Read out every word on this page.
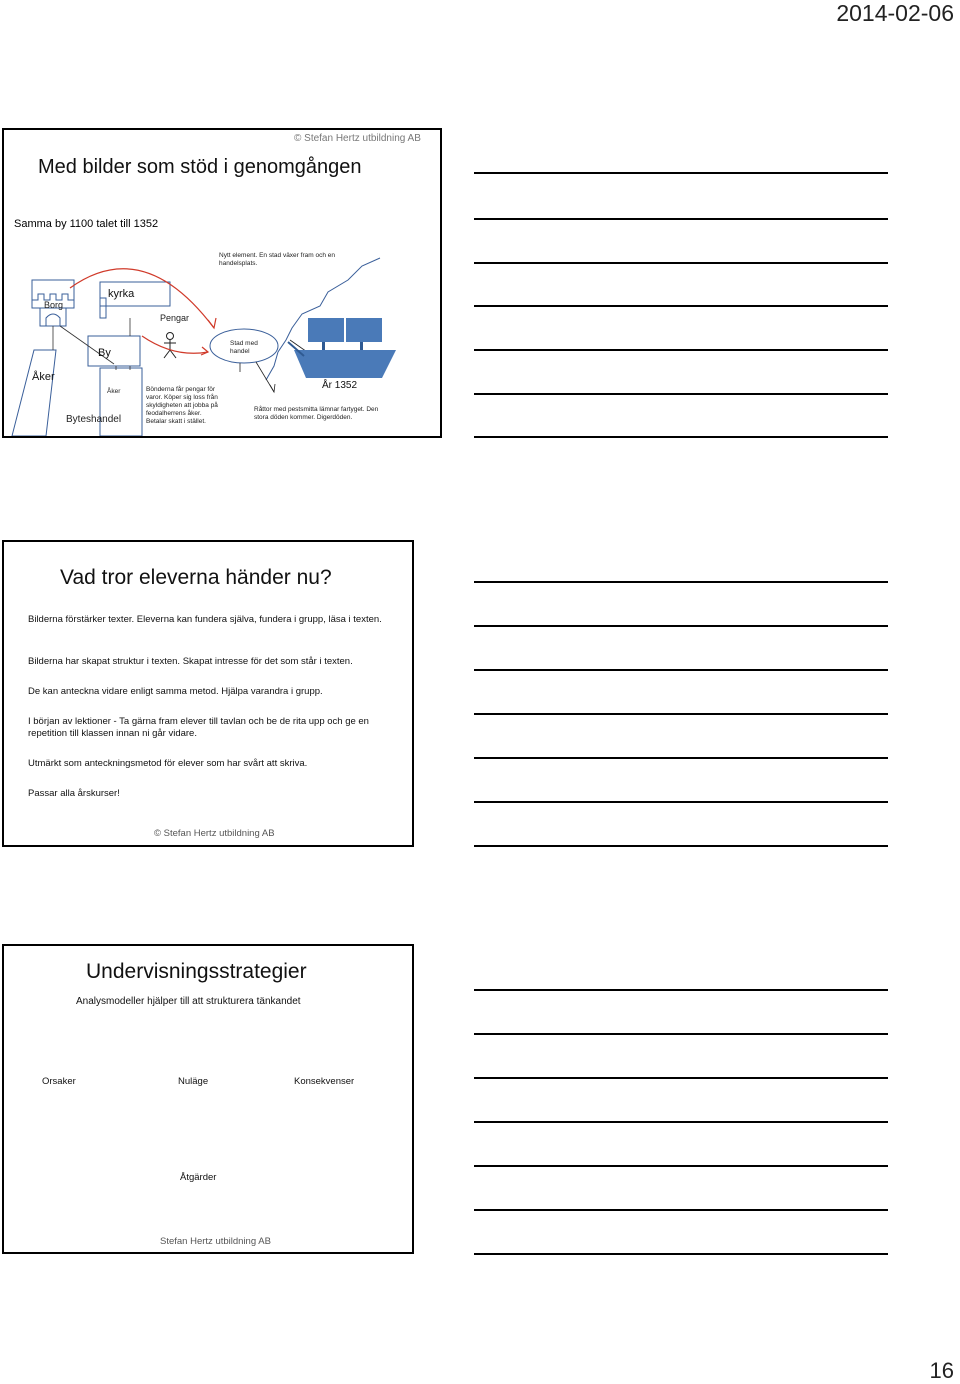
2014-02-06
© Stefan Hertz utbildning AB
Med bilder som stöd i genomgången
Samma by 1100 talet till 1352
Borg
kyrka
Pengar
By
Åker
Åker
Byteshandel
Nytt element. En stad växer fram och en handelsplats.
Stad med handel
Bönderna får pengar för varor. Köper sig loss från skyldigheten att jobba på feodalherrens åker. Betalar skatt i stället.
År 1352
Råttor med pestsmitta lämnar fartyget. Den stora döden kommer. Digerdöden.
Vad tror eleverna händer nu?
Bilderna förstärker texter. Eleverna kan fundera själva, fundera i grupp, läsa i texten.
Bilderna har skapat struktur i texten. Skapat intresse för det som står i texten.
De kan anteckna vidare enligt samma metod. Hjälpa varandra i grupp.
I början av lektioner - Ta gärna fram elever till tavlan och be de rita upp och ge en repetition till klassen innan ni går vidare.
Utmärkt som anteckningsmetod för elever som har svårt att skriva.
Passar alla årskurser!
© Stefan Hertz utbildning AB
Undervisningsstrategier
Analysmodeller hjälper till att strukturera tänkandet
Orsaker	Nuläge	Konsekvenser
Åtgärder
Stefan Hertz utbildning AB
16
